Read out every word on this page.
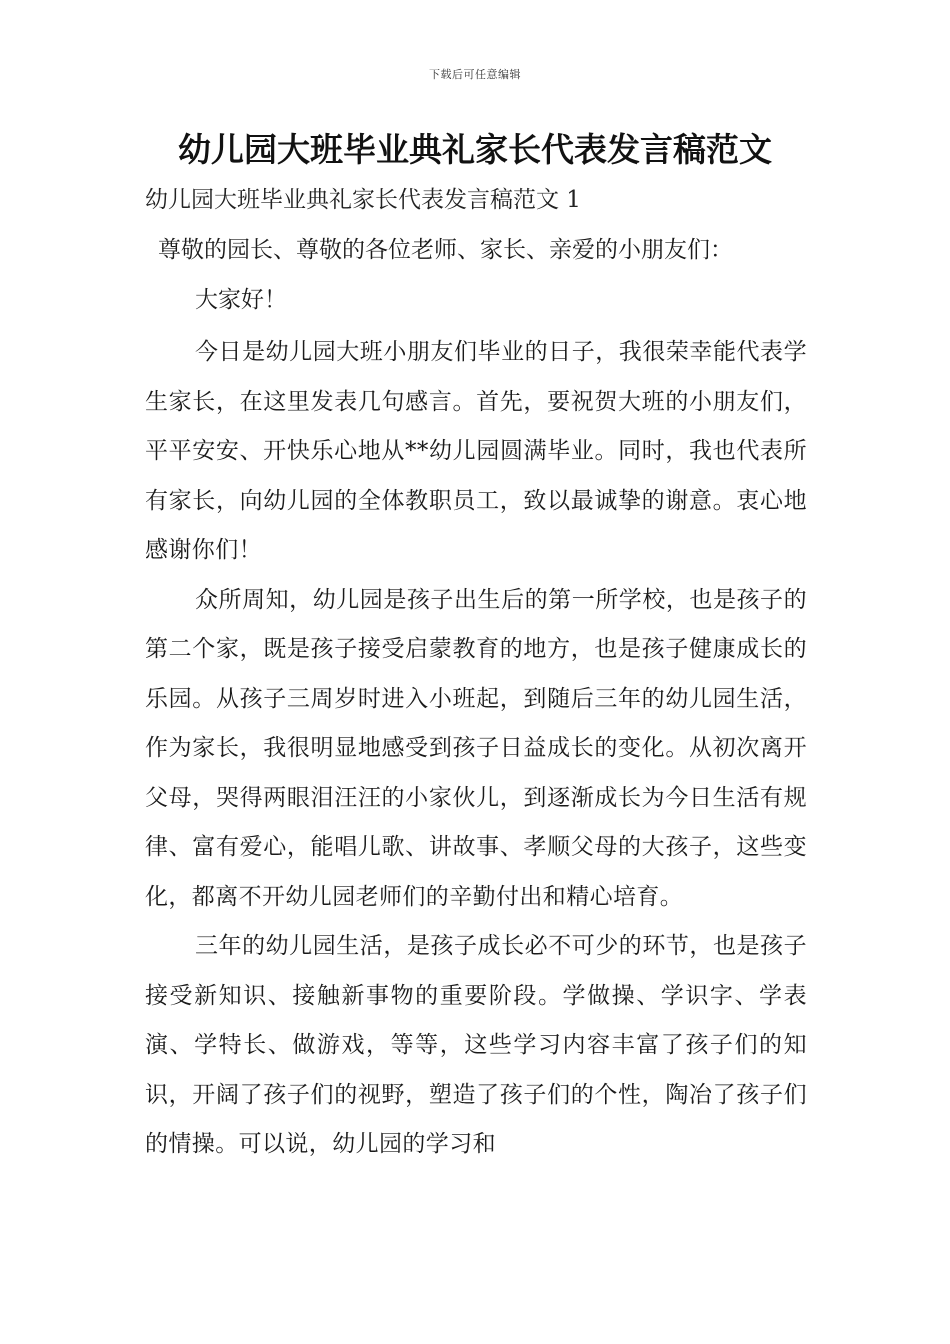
下载后可任意编辑
幼儿园大班毕业典礼家长代表发言稿范文
幼儿园大班毕业典礼家长代表发言稿范文 1
尊敬的园长、尊敬的各位老师、家长、亲爱的小朋友们：
大家好！

今日是幼儿园大班小朋友们毕业的日子，我很荣幸能代表学生家长，在这里发表几句感言。首先，要祝贺大班的小朋友们，平平安安、开快乐心地从**幼儿园圆满毕业。同时，我也代表所有家长，向幼儿园的全体教职员工，致以最诚挚的谢意。衷心地感谢你们！

众所周知，幼儿园是孩子出生后的第一所学校，也是孩子的第二个家，既是孩子接受启蒙教育的地方，也是孩子健康成长的乐园。从孩子三周岁时进入小班起，到随后三年的幼儿园生活，作为家长，我很明显地感受到孩子日益成长的变化。从初次离开父母，哭得两眼泪汪汪的小家伙儿，到逐渐成长为今日生活有规律、富有爱心，能唱儿歌、讲故事、孝顺父母的大孩子，这些变化，都离不开幼儿园老师们的辛勤付出和精心培育。

三年的幼儿园生活，是孩子成长必不可少的环节，也是孩子接受新知识、接触新事物的重要阶段。学做操、学识字、学表演、学特长、做游戏，等等，这些学习内容丰富了孩子们的知识，开阔了孩子们的视野，塑造了孩子们的个性，陶冶了孩子们的情操。可以说，幼儿园的学习和
